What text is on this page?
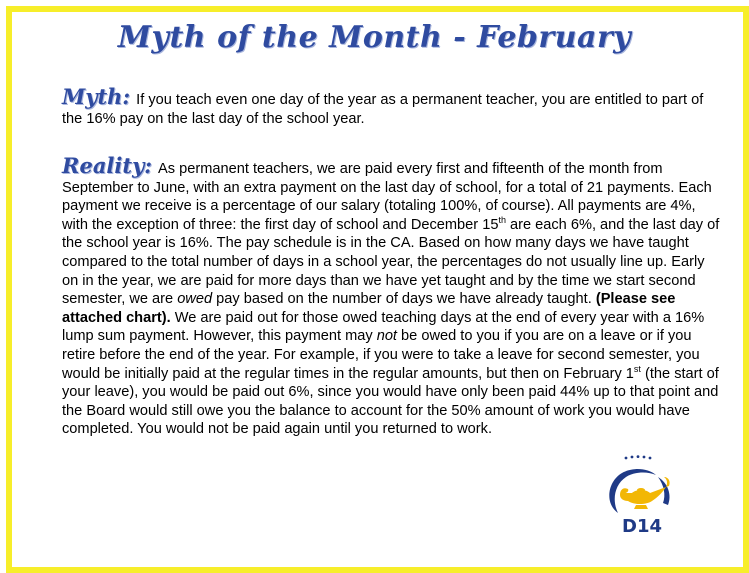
Myth of the Month - February
Myth: If you teach even one day of the year as a permanent teacher, you are entitled to part of the 16% pay on the last day of the school year.
Reality: As permanent teachers, we are paid every first and fifteenth of the month from September to June, with an extra payment on the last day of school, for a total of 21 payments. Each payment we receive is a percentage of our salary (totaling 100%, of course). All payments are 4%, with the exception of three: the first day of school and December 15th are each 6%, and the last day of the school year is 16%. The pay schedule is in the CA. Based on how many days we have taught compared to the total number of days in a school year, the percentages do not usually line up. Early on in the year, we are paid for more days than we have yet taught and by the time we start second semester, we are owed pay based on the number of days we have already taught. (Please see attached chart). We are paid out for those owed teaching days at the end of every year with a 16% lump sum payment. However, this payment may not be owed to you if you are on a leave or if you retire before the end of the year. For example, if you were to take a leave for second semester, you would be initially paid at the regular times in the regular amounts, but then on February 1st (the start of your leave), you would be paid out 6%, since you would have only been paid 44% up to that point and the Board would still owe you the balance to account for the 50% amount of work you would have completed. You would not be paid again until you returned to work.
D14
